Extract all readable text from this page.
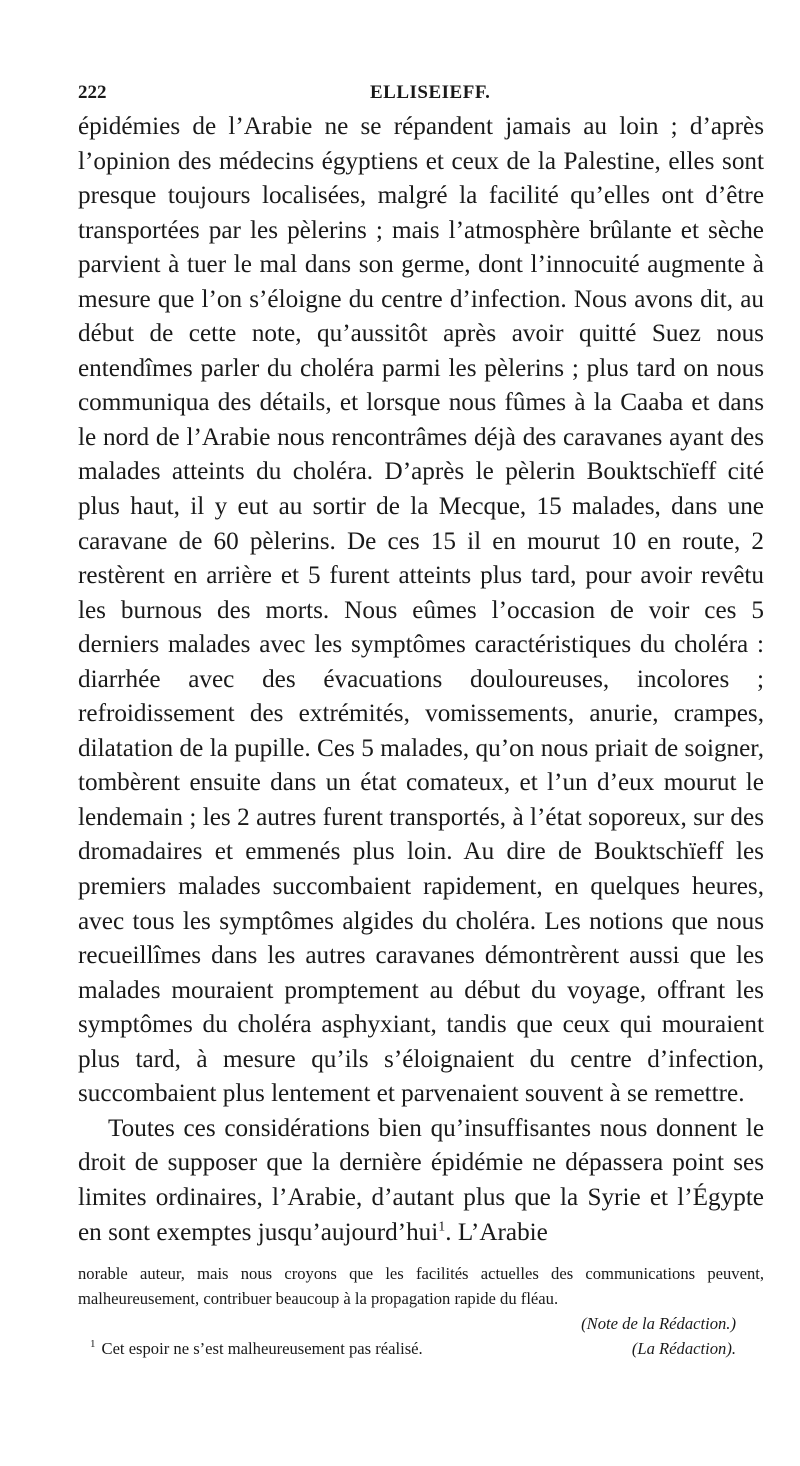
222	ELLISEIEFF.

épidémies de l’Arabie ne se répandent jamais au loin ; d’après l’opinion des médecins égyptiens et ceux de la Palestine, elles sont presque toujours localisées, malgré la facilité qu’elles ont d’être transportées par les pèlerins ; mais l’atmosphère brûlante et sèche parvient à tuer le mal dans son germe, dont l’innocuité augmente à mesure que l’on s’éloigne du centre d’infection. Nous avons dit, au début de cette note, qu’aussitôt après avoir quitté Suez nous entendîmes parler du choléra parmi les pèlerins ; plus tard on nous communiqua des détails, et lorsque nous fûmes à la Caaba et dans le nord de l’Arabie nous rencontrâmes déjà des caravanes ayant des malades atteints du choléra. D’après le pèlerin Bouktschïeff cité plus haut, il y eut au sortir de la Mecque, 15 malades, dans une caravane de 60 pèlerins. De ces 15 il en mourut 10 en route, 2 restèrent en arrière et 5 furent atteints plus tard, pour avoir revêtu les burnous des morts. Nous eûmes l’occasion de voir ces 5 derniers malades avec les symptômes caractéristiques du choléra : diarrhée avec des évacuations douloureuses, incolores ; refroidissement des extrémités, vomissements, anurie, crampes, dilatation de la pupille. Ces 5 malades, qu’on nous priait de soigner, tombèrent ensuite dans un état comateux, et l’un d’eux mourut le lendemain ; les 2 autres furent transportés, à l’état soporeux, sur des dromadaires et emmenés plus loin. Au dire de Bouktschïeff les premiers malades succombaient rapidement, en quelques heures, avec tous les symptômes algides du choléra. Les notions que nous recueillîmes dans les autres caravanes démontrèrent aussi que les malades mouraient promptement au début du voyage, offrant les symptômes du choléra asphyxiant, tandis que ceux qui mouraient plus tard, à mesure qu’ils s’éloignaient du centre d’infection, succombaient plus lentement et parvenaient souvent à se remettre.

Toutes ces considérations bien qu’insuffisantes nous donnent le droit de supposer que la dernière épidémie ne dépassera point ses limites ordinaires, l’Arabie, d’autant plus que la Syrie et l’Égypte en sont exemptes jusqu’aujourd’hui$^1$. L’Arabie

norable auteur, mais nous croyons que les facilités actuelles des communications peuvent, malheureusement, contribuer beaucoup à la propagation rapide du fléau.

(Note de la Rédaction.)

$^1$ Cet espoir ne s’est malheureusement pas réalisé.	(La Rédaction).
